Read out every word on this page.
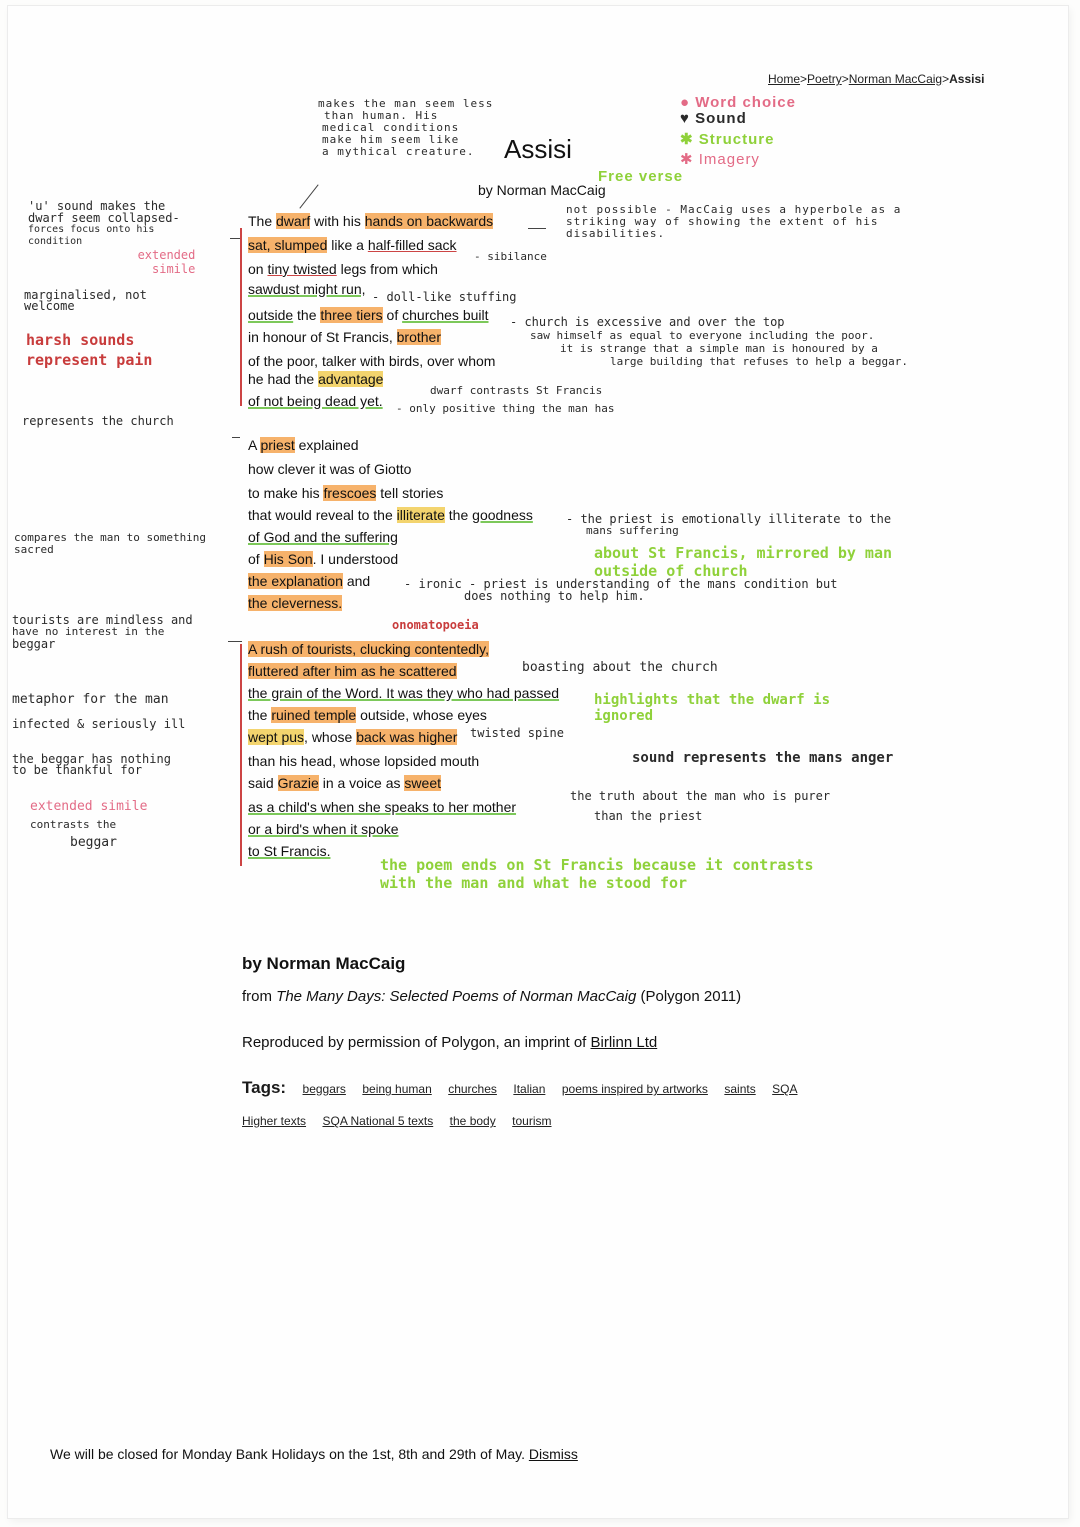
Home>Poetry>Norman MacCaig>Assisi
● Word choice
♥ Sound
✱ Structure
✱ Imagery
Free verse
Assisi
by Norman MacCaig
makes the man seem less
than human. His
medical conditions
make him seem like
a mythical creature.
not possible - MacCaig uses a hyperbole as a
striking way of showing the extent of his
disabilities.
'u' sound makes the
dwarf seem collapsed-
forces focus onto his
condition
extended
simile
marginalised, not
welcome
harsh sounds
represent pain
represents the church
The dwarf with his hands on backwards
sat, slumped like a half-filled sack
on tiny twisted legs from which
sawdust might run,
outside the three tiers of churches built
in honour of St Francis, brother
of the poor, talker with birds, over whom
he had the advantage
of not being dead yet.
A priest explained
how clever it was of Giotto
to make his frescoes tell stories
that would reveal to the illiterate the goodness
of God and the suffering
of His Son. I understood
the explanation and
the cleverness.
A rush of tourists, clucking contentedly,
fluttered after him as he scattered
the grain of the Word. It was they who had passed
the ruined temple outside, whose eyes
wept pus, whose back was higher
than his head, whose lopsided mouth
said Grazie in a voice as sweet
as a child's when she speaks to her mother
or a bird's when it spoke
to St Francis.
- sibilance
- doll-like stuffing
- church is excessive and over the top
saw himself as equal to everyone including the poor.
it is strange that a simple man is honoured by a
large building that refuses to help a beggar.
dwarf contrasts St Francis
- only positive thing the man has
- the priest is emotionally illiterate to the
mans suffering
about St Francis, mirrored by man
outside of church
compares the man to something
sacred
- ironic - priest is understanding of the mans condition but
does nothing to help him.
onomatopoeia
tourists are mindless and
have no interest in the
beggar
boasting about the church
highlights that the dwarf is
ignored
metaphor for the man
infected & seriously ill
twisted spine
sound represents the mans anger
the beggar has nothing
to be thankful for
the truth about the man who is purer
than the priest
extended simile
contrasts the
beggar
the poem ends on St Francis because it contrasts
with the man and what he stood for
by Norman MacCaig
from The Many Days: Selected Poems of Norman MacCaig (Polygon 2011)
Reproduced by permission of Polygon, an imprint of Birlinn Ltd
Tags: beggars being human churches Italian poems inspired by artworks saints SQA
Higher texts SQA National 5 texts the body tourism
We will be closed for Monday Bank Holidays on the 1st, 8th and 29th of May. Dismiss
